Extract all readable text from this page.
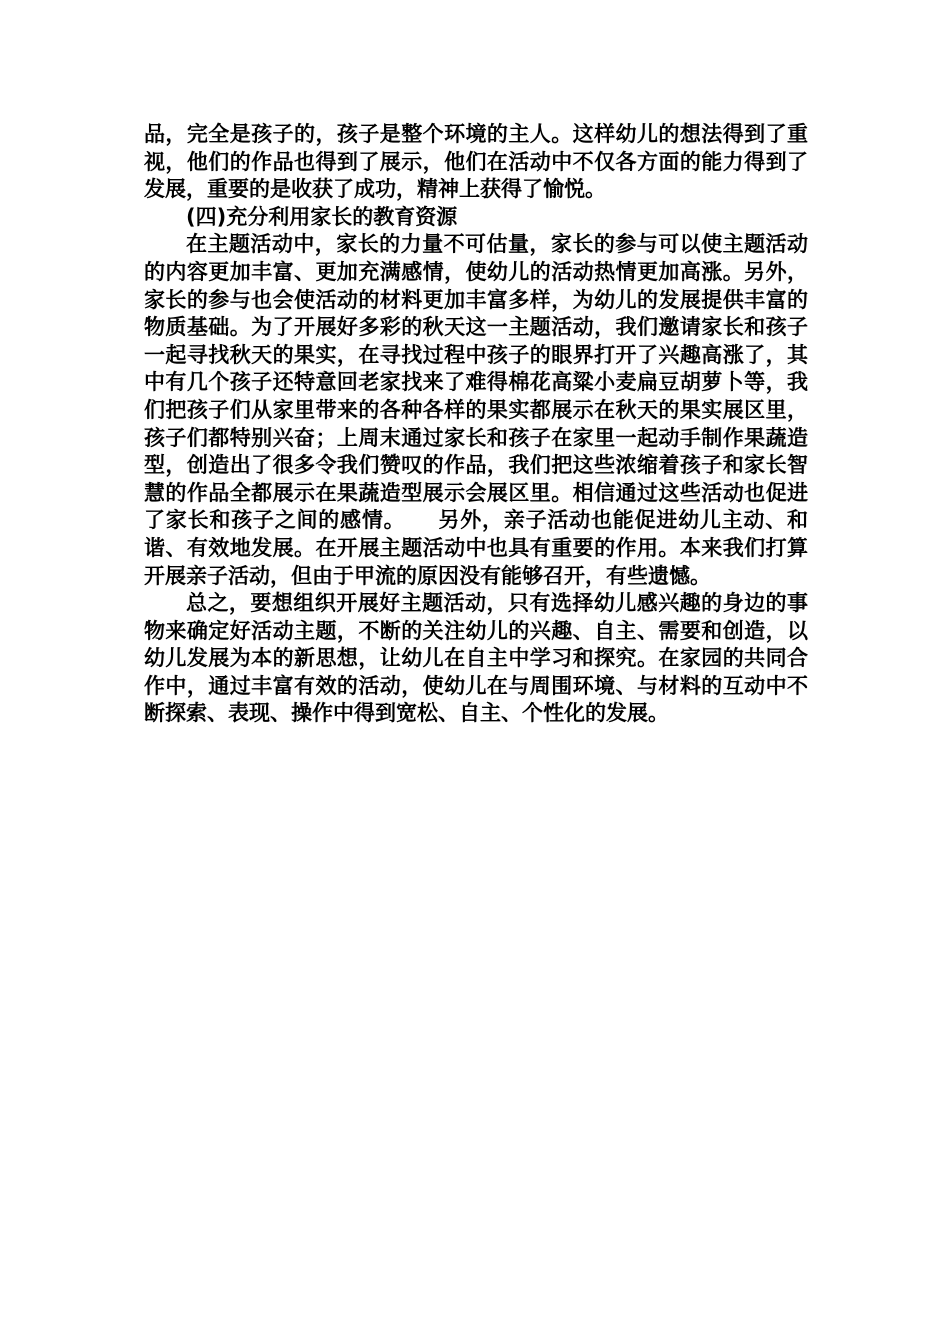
品，完全是孩子的，孩子是整个环境的主人。这样幼儿的想法得到了重视，他们的作品也得到了展示，他们在活动中不仅各方面的能力得到了发展，重要的是收获了成功，精神上获得了愉悦。

(四)充分利用家长的教育资源

在主题活动中，家长的力量不可估量，家长的参与可以使主题活动的内容更加丰富、更加充满感情，使幼儿的活动热情更加高涨。另外，家长的参与也会使活动的材料更加丰富多样，为幼儿的发展提供丰富的物质基础。为了开展好多彩的秋天这一主题活动，我们邀请家长和孩子一起寻找秋天的果实，在寻找过程中孩子的眼界打开了兴趣高涨了，其中有几个孩子还特意回老家找来了难得棉花高粱小麦扁豆胡萝卜等，我们把孩子们从家里带来的各种各样的果实都展示在秋天的果实展区里，孩子们都特别兴奋；上周末通过家长和孩子在家里一起动手制作果蔬造型，创造出了很多令我们赞叹的作品，我们把这些浓缩着孩子和家长智慧的作品全都展示在果蔬造型展示会展区里。相信通过这些活动也促进了家长和孩子之间的感情。　　另外，亲子活动也能促进幼儿主动、和谐、有效地发展。在开展主题活动中也具有重要的作用。本来我们打算开展亲子活动，但由于甲流的原因没有能够召开，有些遗憾。

总之，要想组织开展好主题活动，只有选择幼儿感兴趣的身边的事物来确定好活动主题，不断的关注幼儿的兴趣、自主、需要和创造，以幼儿发展为本的新思想，让幼儿在自主中学习和探究。在家园的共同合作中，通过丰富有效的活动，使幼儿在与周围环境、与材料的互动中不断探索、表现、操作中得到宽松、自主、个性化的发展。
